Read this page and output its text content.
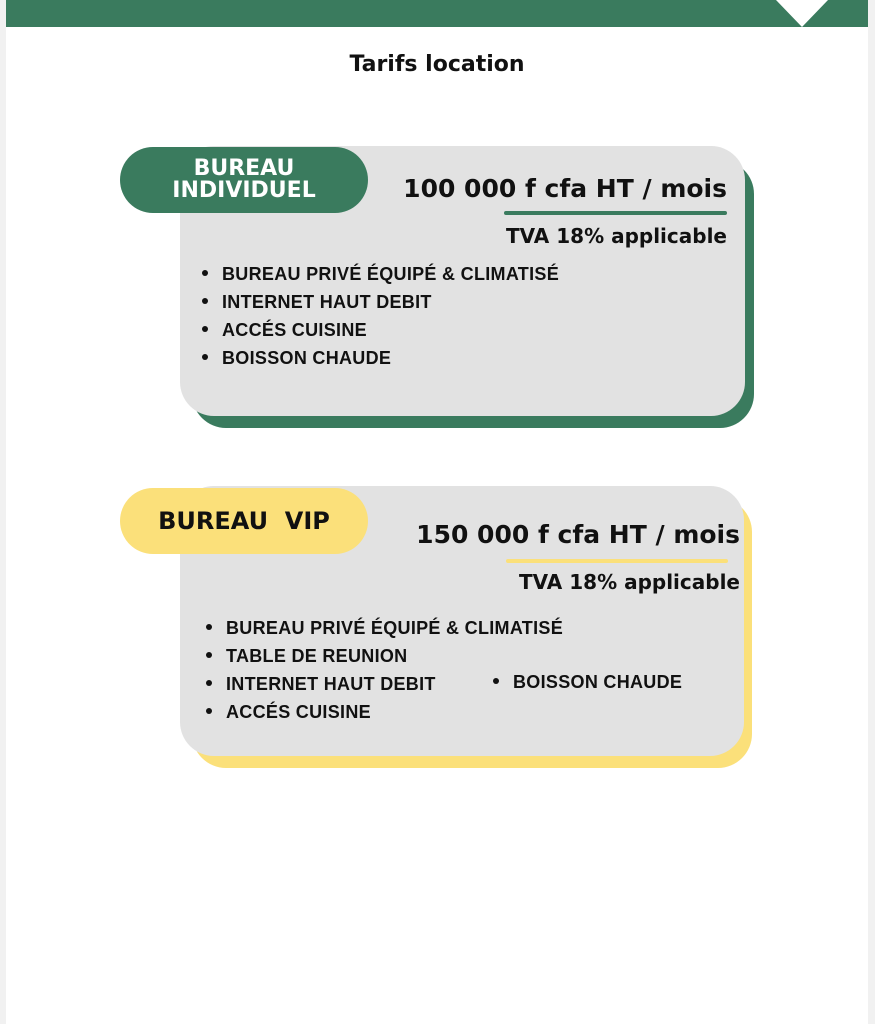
Tarifs location
BUREAU
INDIVIDUEL	100 000 f cfa HT / mois
TVA 18% applicable
BUREAU PRIVÉ ÉQUIPÉ & CLIMATISÉ
INTERNET HAUT DEBIT
ACCÉS CUISINE
BOISSON CHAUDE
BUREAU  VIP	150 000 f cfa HT / mois
TVA 18% applicable
BUREAU PRIVÉ ÉQUIPÉ & CLIMATISÉ
TABLE DE REUNION
INTERNET HAUT DEBIT
ACCÉS CUISINE
BOISSON CHAUDE
